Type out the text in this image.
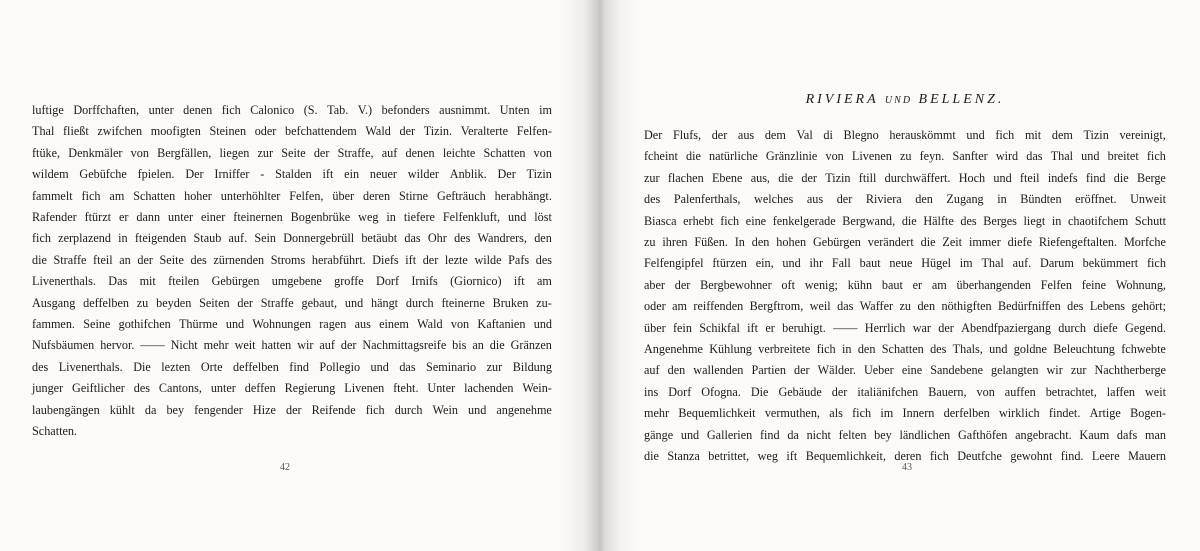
luftige Dorffchaften, unter denen fich Calonico (S. Tab. V.) befonders ausnimmt. Unten im
Thal fließt zwifchen moofigten Steinen oder befchattendem Wald der Tizin. Veralterte Felfen-
ftüke, Denkmäler von Bergfällen, liegen zur Seite der Straffe, auf denen leichte Schatten von
wildem Gebüfche fpielen. Der Irniffer - Stalden ift ein neuer wilder Anblik. Der Tizin
fammelt fich am Schatten hoher unterhöhlter Felfen, über deren Stirne Gefträuch herabhängt.
Rafender ftürzt er dann unter einer fteinernen Bogenbrüke weg in tiefere Felfenkluft, und löst
fich zerplazend in fteigenden Staub auf. Sein Donnergebrüll betäubt das Ohr des Wandrers, den
die Straffe fteil an der Seite des zürnenden Stroms herabführt. Diefs ift der lezte wilde Pafs des
Livenerthals. Das mit fteilen Gebürgen umgebene groffe Dorf Irnifs (Giornico) ift am
Ausgang deffelben zu beyden Seiten der Straffe gebaut, und hängt durch fteinerne Bruken zu-
fammen. Seine gothifchen Thürme und Wohnungen ragen aus einem Wald von Kaftanien und
Nufsbäumen hervor. —— Nicht mehr weit hatten wir auf der Nachmittagsreife bis an die Gränzen
des Livenerthals. Die lezten Orte deffelben find Pollegio und das Seminario zur Bildung
junger Geiftlicher des Cantons, unter deffen Regierung Livenen fteht. Unter lachenden Wein-
laubengängen kühlt da bey fengender Hize der Reifende fich durch Wein und angenehme
Schatten.
42
RIVIERA UND BELLENZ.
Der Flufs, der aus dem Val di Blegno herauskömmt und fich mit dem Tizin vereinigt,
fcheint die natürliche Gränzlinie von Livenen zu feyn. Sanfter wird das Thal und breitet fich
zur flachen Ebene aus, die der Tizin ftill durchwäffert. Hoch und fteil indefs find die Berge
des Palenferthals, welches aus der Riviera den Zugang in Bündten eröffnet. Unweit
Biasca erhebt fich eine fenkelgerade Bergwand, die Hälfte des Berges liegt in chaotifchem Schutt
zu ihren Füßen. In den hohen Gebürgen verändert die Zeit immer diefe Riefengeftalten. Morfche
Felfengipfel ftürzen ein, und ihr Fall baut neue Hügel im Thal auf. Darum bekümmert fich
aber der Bergbewohner oft wenig; kühn baut er am überhangenden Felfen feine Wohnung,
oder am reiffenden Bergftrom, weil das Waffer zu den nöthigften Bedürfniffen des Lebens gehört;
über fein Schikfal ift er beruhigt. —— Herrlich war der Abendfpaziergang durch diefe Gegend.
Angenehme Kühlung verbreitete fich in den Schatten des Thals, und goldne Beleuchtung fchwebte
auf den wallenden Partien der Wälder. Ueber eine Sandebene gelangten wir zur Nachtherberge
ins Dorf Ofogna. Die Gebäude der italiänifchen Bauern, von auffen betrachtet, laffen weit
mehr Bequemlichkeit vermuthen, als fich im Innern derfelben wirklich findet. Artige Bogen-
gänge und Gallerien find da nicht felten bey ländlichen Gafthöfen angebracht. Kaum dafs man
die Stanza betrittet, weg ift Bequemlichkeit, deren fich Deutfche gewohnt find. Leere Mauern
43
